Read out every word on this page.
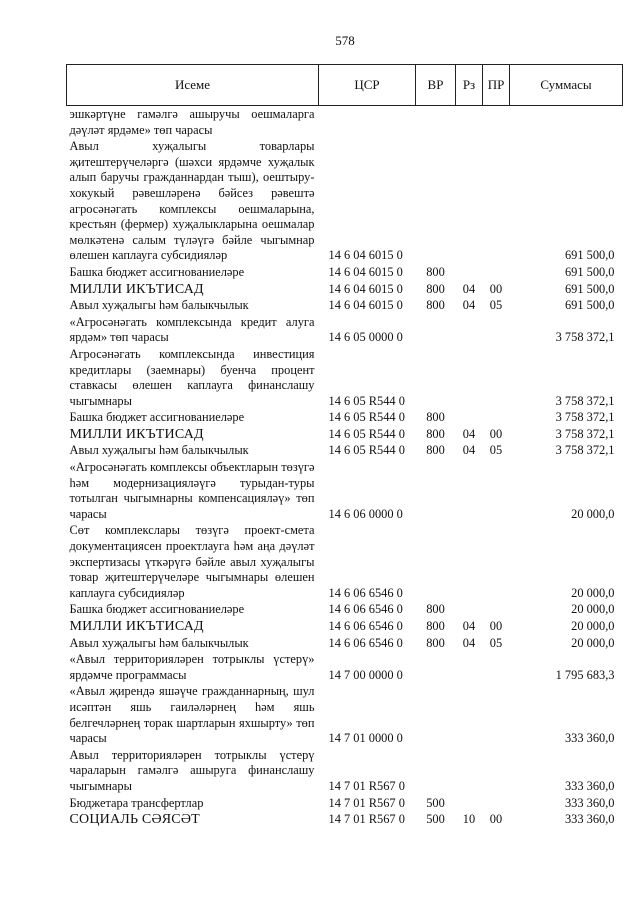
578
Исеме	ЦСР	ВР	Рз	ПР	Суммасы
эшкәртүне гамәлгә ашыручы оешмаларга дәүләт ярдәме» төп чарасы					
Авыл хуҗалыгы товарлары җитештерүчеләргә (шәхси ярдәмче хуҗалык алып баручы гражданнардан тыш), оештыру-хокукый рәвешләренә бәйсез рәвештә агросәнәгать комплексы оешмаларына, крестьян (фермер) хуҗалыкларына оешмалар мөлкәтенә салым түләүгә бәйле чыгымнар өлешен каплауга субсидияләр	14 6 04 6015 0				691 500,0
Башка бюджет ассигнованиеләре	14 6 04 6015 0	800			691 500,0
МИЛЛИ ИКЪТИСАД	14 6 04 6015 0	800	04	00	691 500,0
Авыл хуҗалыгы һәм балыкчылык	14 6 04 6015 0	800	04	05	691 500,0
«Агросәнәгать комплексында кредит алуга ярдәм» төп чарасы	14 6 05 0000 0				3 758 372,1
Агросәнәгать комплексында инвестиция кредитлары (заемнары) буенча процент ставкасы өлешен каплауга финанслашу чыгымнары	14 6 05 R544 0				3 758 372,1
Башка бюджет ассигнованиеләре	14 6 05 R544 0	800			3 758 372,1
МИЛЛИ ИКЪТИСАД	14 6 05 R544 0	800	04	00	3 758 372,1
Авыл хуҗалыгы һәм балыкчылык	14 6 05 R544 0	800	04	05	3 758 372,1
«Агросәнәгать комплексы объектларын төзүгә һәм модернизацияләүгә турыдан-туры тотылган чыгымнарны компенсацияләү» төп чарасы	14 6 06 0000 0				20 000,0
Сөт комплекслары төзүгә проект-смета документациясен проектлауга һәм аңа дәүләт экспертизасы үткәрүгә бәйле авыл хуҗалыгы товар җитештерүчеләре чыгымнары өлешен каплауга субсидияләр	14 6 06 6546 0				20 000,0
Башка бюджет ассигнованиеләре	14 6 06 6546 0	800			20 000,0
МИЛЛИ ИКЪТИСАД	14 6 06 6546 0	800	04	00	20 000,0
Авыл хуҗалыгы һәм балыкчылык	14 6 06 6546 0	800	04	05	20 000,0
«Авыл территорияләрен тотрыклы үстерү» ярдәмче программасы	14 7 00 0000 0				1 795 683,3
«Авыл җирендә яшәүче гражданнарның, шул исәптән яшь гаиләләрнең һәм яшь белгечләрнең торак шартларын яхшырту» төп чарасы	14 7 01 0000 0				333 360,0
Авыл территорияләрен тотрыклы үстерү чараларын гамәлгә ашыруга финанслашу чыгымнары	14 7 01 R567 0				333 360,0
Бюджетара трансфертлар	14 7 01 R567 0	500			333 360,0
СОЦИАЛЬ СӘЯСӘТ	14 7 01 R567 0	500	10	00	333 360,0
